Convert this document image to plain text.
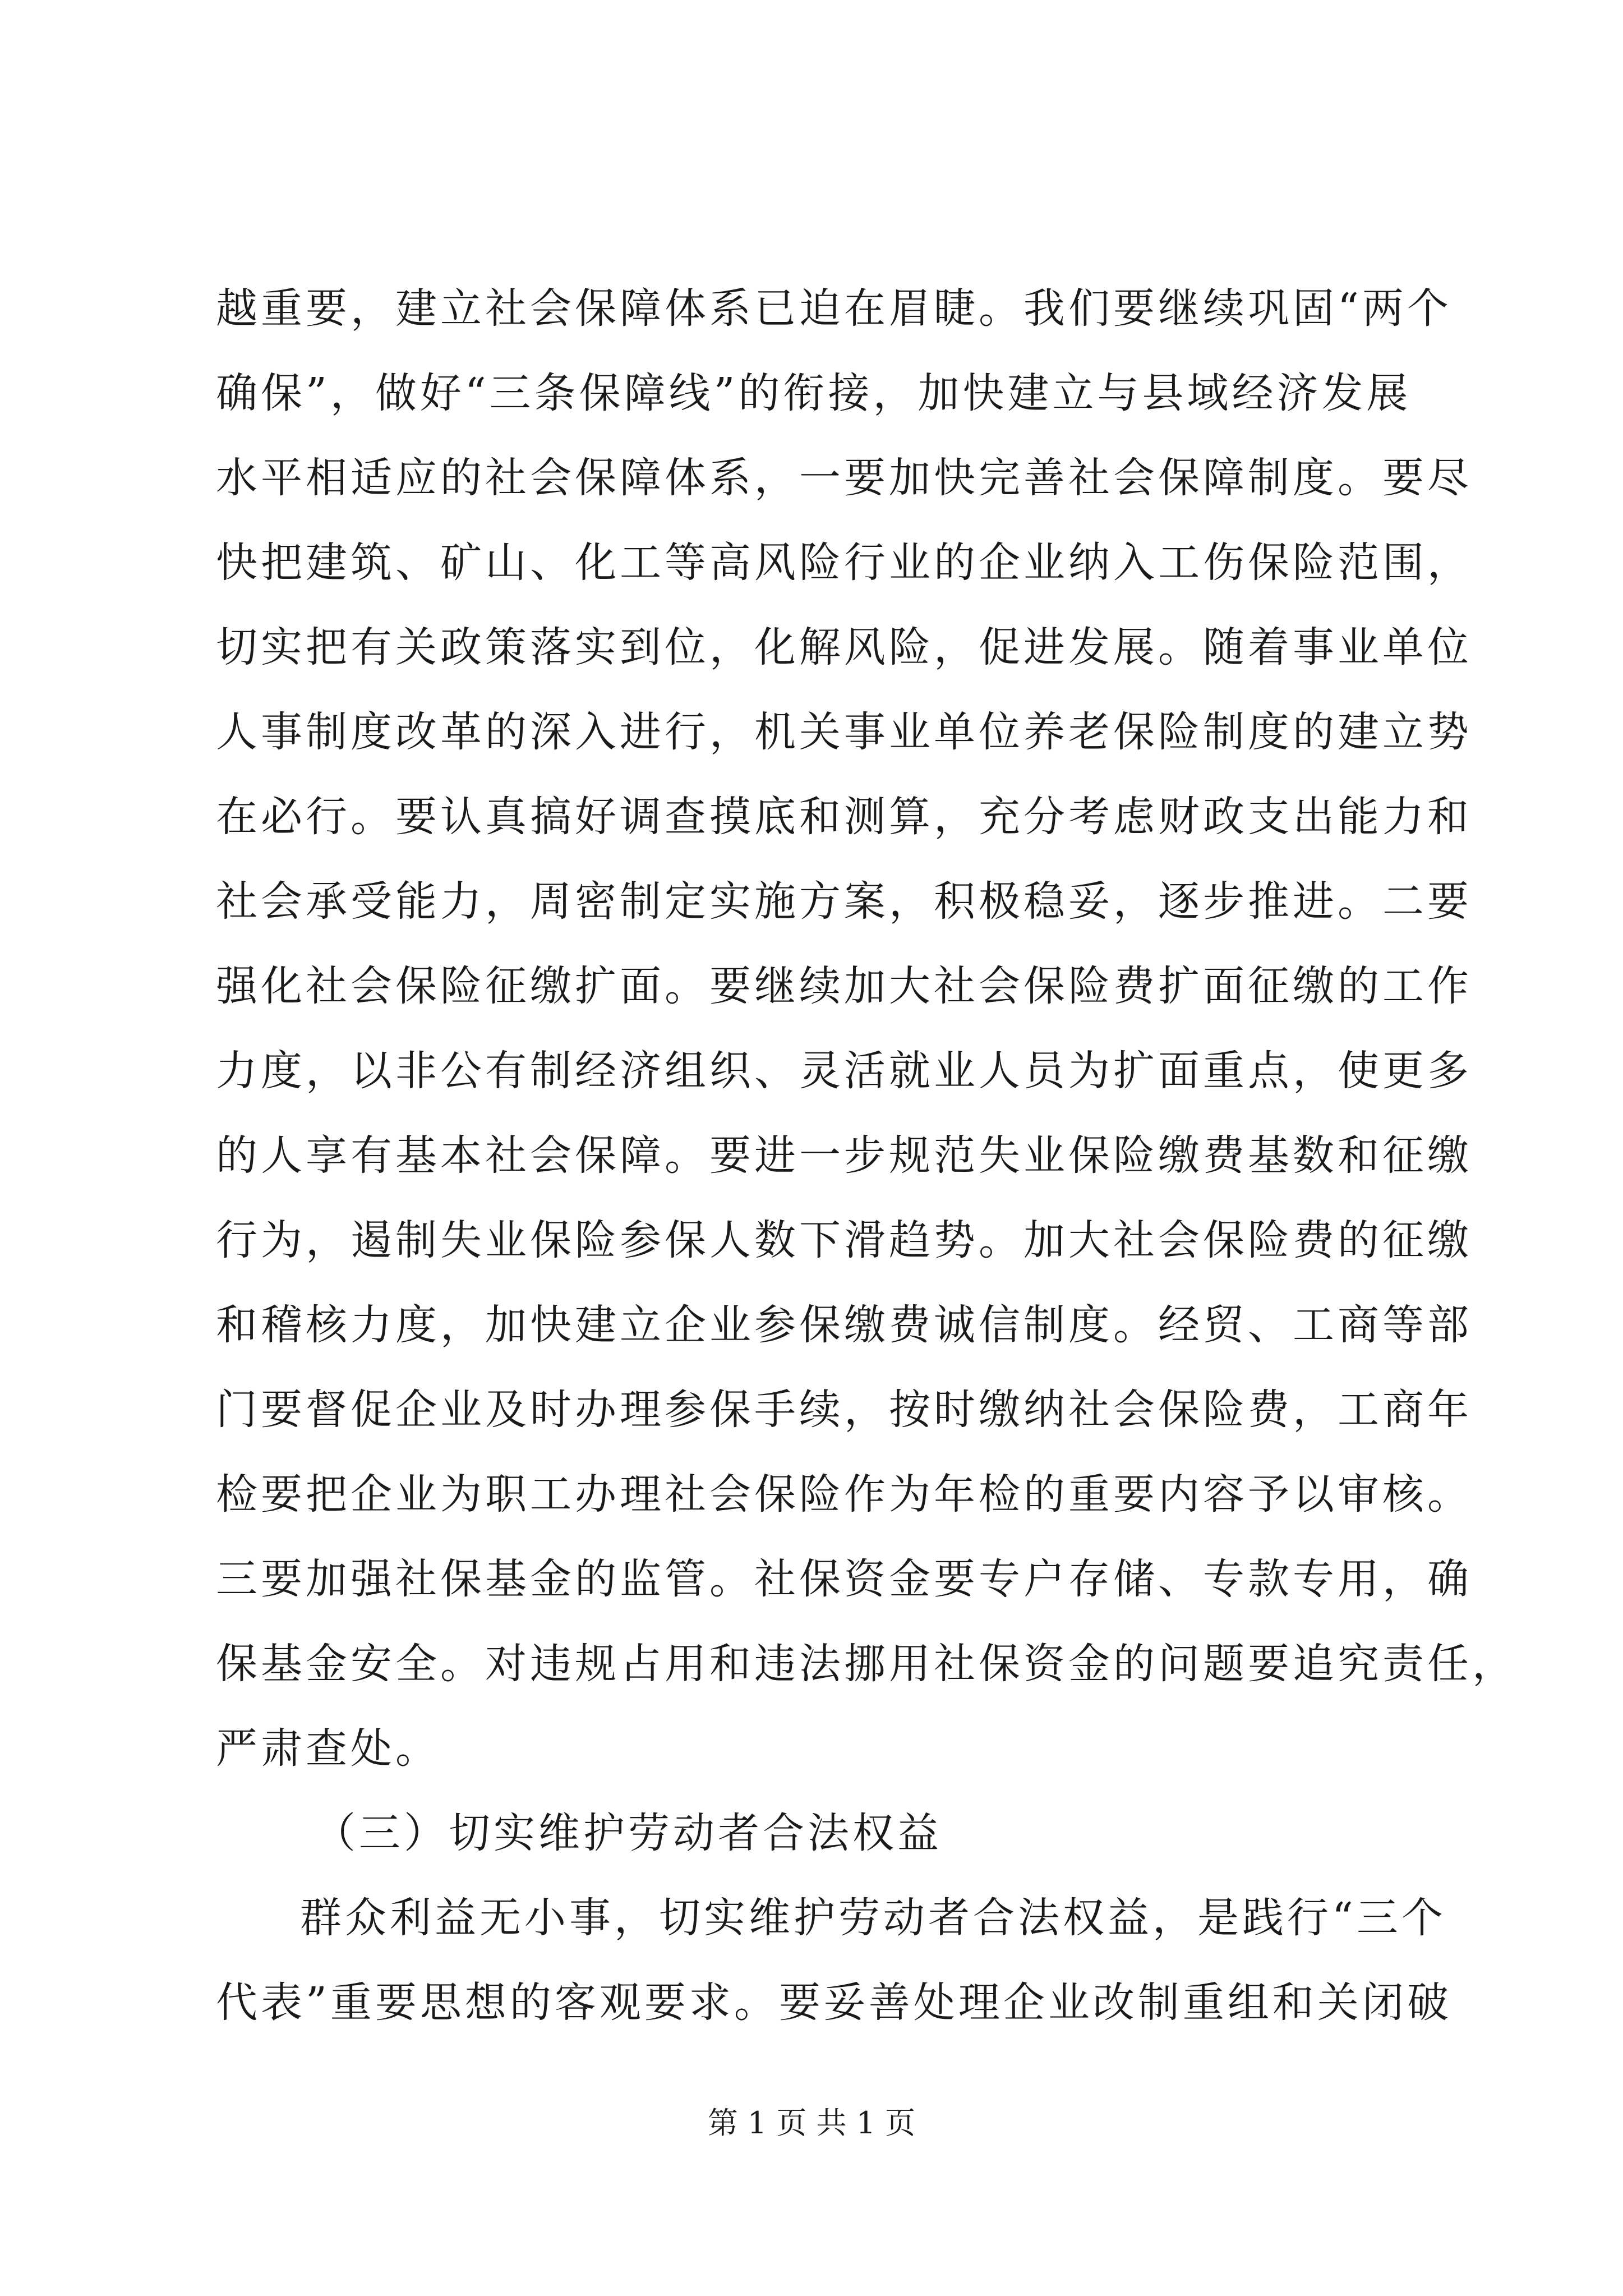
越重要，建立社会保障体系已迫在眉睫。我们要继续巩固“两个
确保”，做好“三条保障线”的衔接，加快建立与县域经济发展
水平相适应的社会保障体系，一要加快完善社会保障制度。要尽
快把建筑、矿山、化工等高风险行业的企业纳入工伤保险范围，
切实把有关政策落实到位，化解风险，促进发展。随着事业单位
人事制度改革的深入进行，机关事业单位养老保险制度的建立势
在必行。要认真搞好调查摸底和测算，充分考虑财政支出能力和
社会承受能力，周密制定实施方案，积极稳妥，逐步推进。二要
强化社会保险征缴扩面。要继续加大社会保险费扩面征缴的工作
力度，以非公有制经济组织、灵活就业人员为扩面重点，使更多
的人享有基本社会保障。要进一步规范失业保险缴费基数和征缴
行为，遏制失业保险参保人数下滑趋势。加大社会保险费的征缴
和稽核力度，加快建立企业参保缴费诚信制度。经贸、工商等部
门要督促企业及时办理参保手续，按时缴纳社会保险费，工商年
检要把企业为职工办理社会保险作为年检的重要内容予以审核。
三要加强社保基金的监管。社保资金要专户存储、专款专用，确
保基金安全。对违规占用和违法挪用社保资金的问题要追究责任，
严肃查处。
（三）切实维护劳动者合法权益
群众利益无小事，切实维护劳动者合法权益，是践行“三个
代表”重要思想的客观要求。要妥善处理企业改制重组和关闭破
第 1 页 共 1 页
